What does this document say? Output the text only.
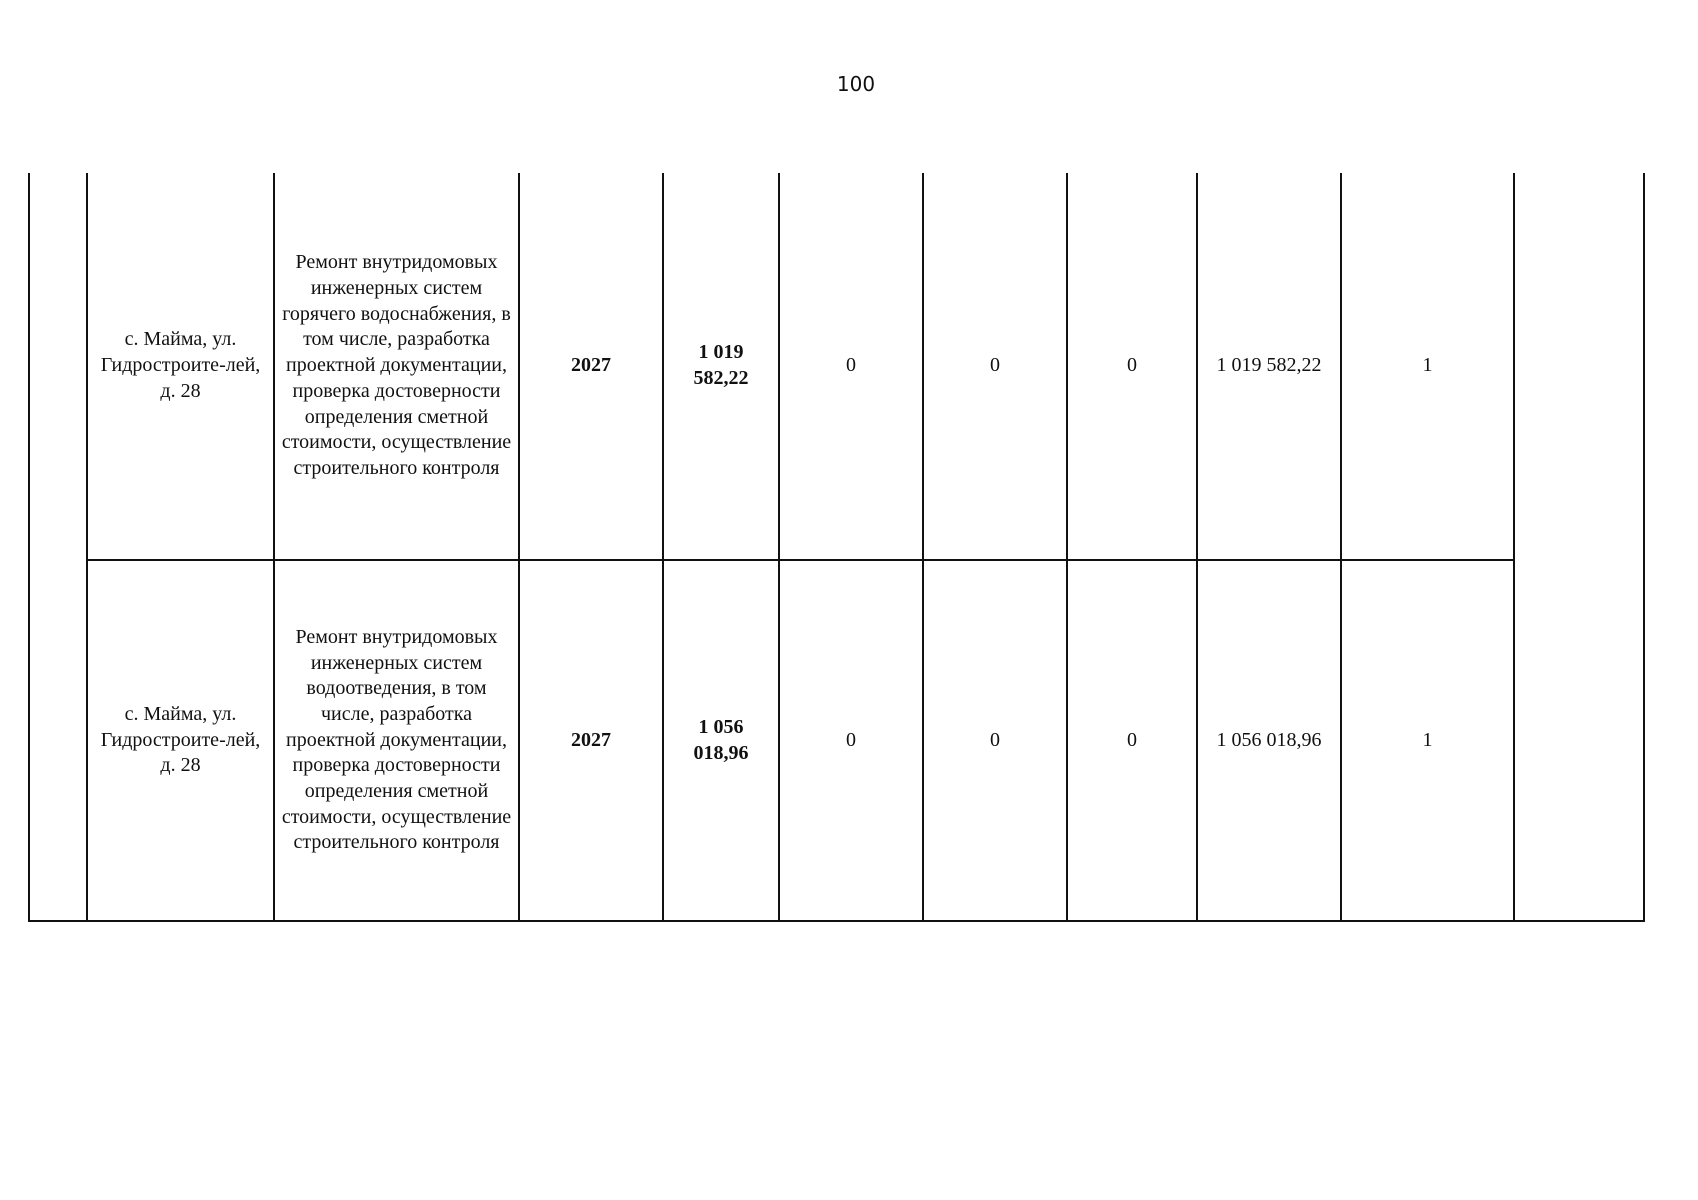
100
	с. Майма, ул. Гидростроите-лей, д. 28	Ремонт внутридомовых инженерных систем горячего водоснабжения, в том числе, разработка проектной документации, проверка достоверности определения сметной стоимости, осуществление строительного контроля	2027	1 019 582,22	0	0	0	1 019 582,22	1	
	с. Майма, ул. Гидростроите-лей, д. 28	Ремонт внутридомовых инженерных систем водоотведения, в том числе, разработка проектной документации, проверка достоверности определения сметной стоимости, осуществление строительного контроля	2027	1 056 018,96	0	0	0	1 056 018,96	1	
